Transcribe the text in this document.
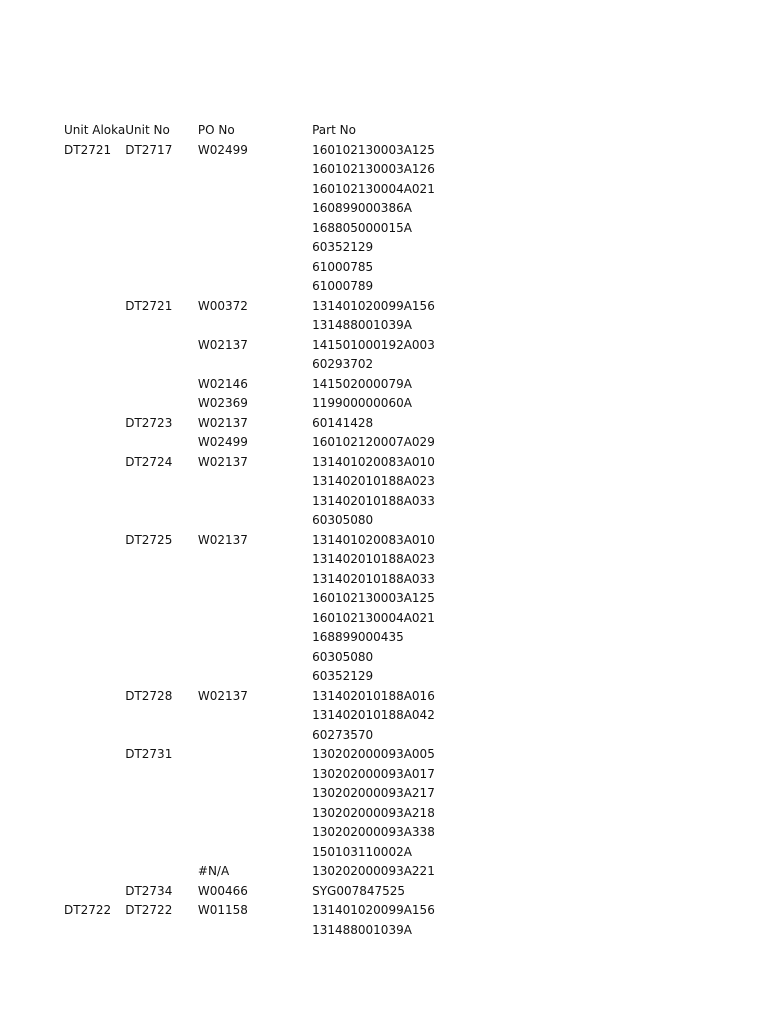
Unit Aloka	Unit No	PO No	Part No
DT2721	DT2717	W02499	160102130003A125
			160102130003A126
			160102130004A021
			160899000386A
			168805000015A
			60352129
			61000785
			61000789
	DT2721	W00372	131401020099A156
			131488001039A
		W02137	141501000192A003
			60293702
		W02146	141502000079A
		W02369	119900000060A
	DT2723	W02137	60141428
		W02499	160102120007A029
	DT2724	W02137	131401020083A010
			131402010188A023
			131402010188A033
			60305080
	DT2725	W02137	131401020083A010
			131402010188A023
			131402010188A033
			160102130003A125
			160102130004A021
			168899000435
			60305080
			60352129
	DT2728	W02137	131402010188A016
			131402010188A042
			60273570
	DT2731		130202000093A005
			130202000093A017
			130202000093A217
			130202000093A218
			130202000093A338
			150103110002A
		#N/A	130202000093A221
	DT2734	W00466	SYG007847525
DT2722	DT2722	W01158	131401020099A156
			131488001039A
